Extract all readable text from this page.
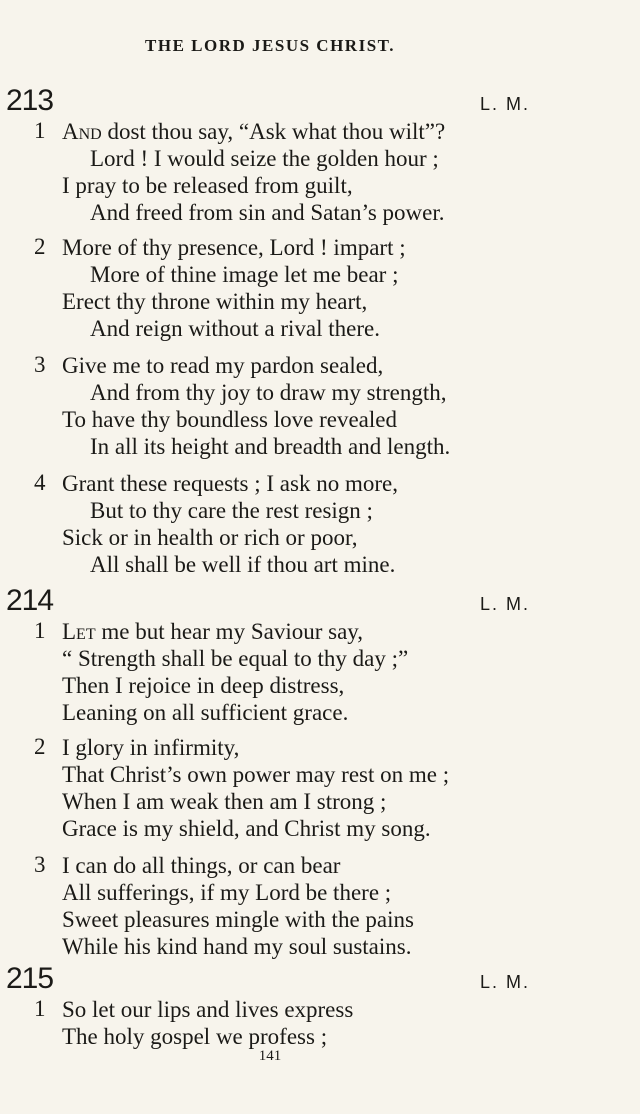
THE LORD JESUS CHRIST.
213	L. M.
1 And dost thou say, “Ask what thou wilt”?
Lord ! I would seize the golden hour ;
I pray to be released from guilt,
And freed from sin and Satan’s power.
2 More of thy presence, Lord ! impart ;
More of thine image let me bear ;
Erect thy throne within my heart,
And reign without a rival there.
3 Give me to read my pardon sealed,
And from thy joy to draw my strength,
To have thy boundless love revealed
In all its height and breadth and length.
4 Grant these requests ; I ask no more,
But to thy care the rest resign ;
Sick or in health or rich or poor,
All shall be well if thou art mine.
214	L. M.
1 Let me but hear my Saviour say,
“ Strength shall be equal to thy day ;”
Then I rejoice in deep distress,
Leaning on all sufficient grace.
2 I glory in infirmity,
That Christ’s own power may rest on me ;
When I am weak then am I strong ;
Grace is my shield, and Christ my song.
3 I can do all things, or can bear
All sufferings, if my Lord be there ;
Sweet pleasures mingle with the pains
While his kind hand my soul sustains.
215	L. M.
1 So let our lips and lives express
The holy gospel we profess ;
141
